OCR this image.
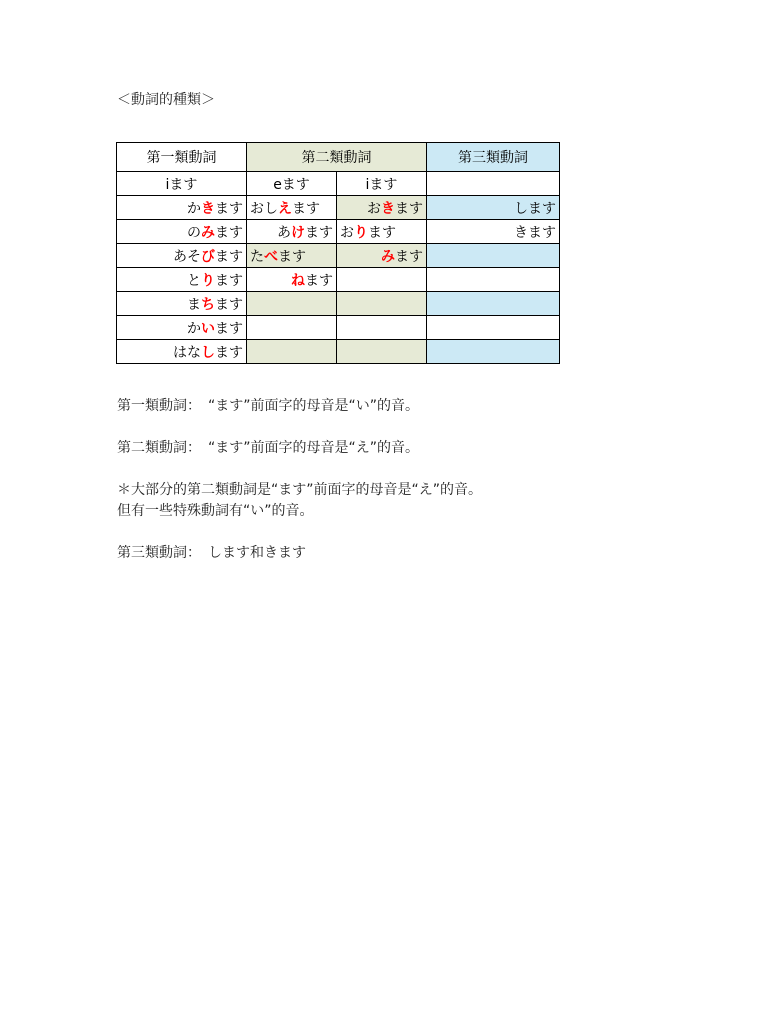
＜動詞的種類＞
第一類動詞	第二類動詞		第三類動詞
iます	eます	iます	
かきます	おしえます	おきます	します
のみます	あけます	おります	きます
あそびます	たべます	みます	
とります	ねます		
まちます			
かいます			
はなします			

第一類動詞：　“ます”前面字的母音是“い”的音。

第二類動詞：　“ます”前面字的母音是“え”的音。

＊大部分的第二類動詞是“ます”前面字的母音是“え”的音。

但有一些特殊動詞有“い”的音。

第三類動詞：　します和きます
